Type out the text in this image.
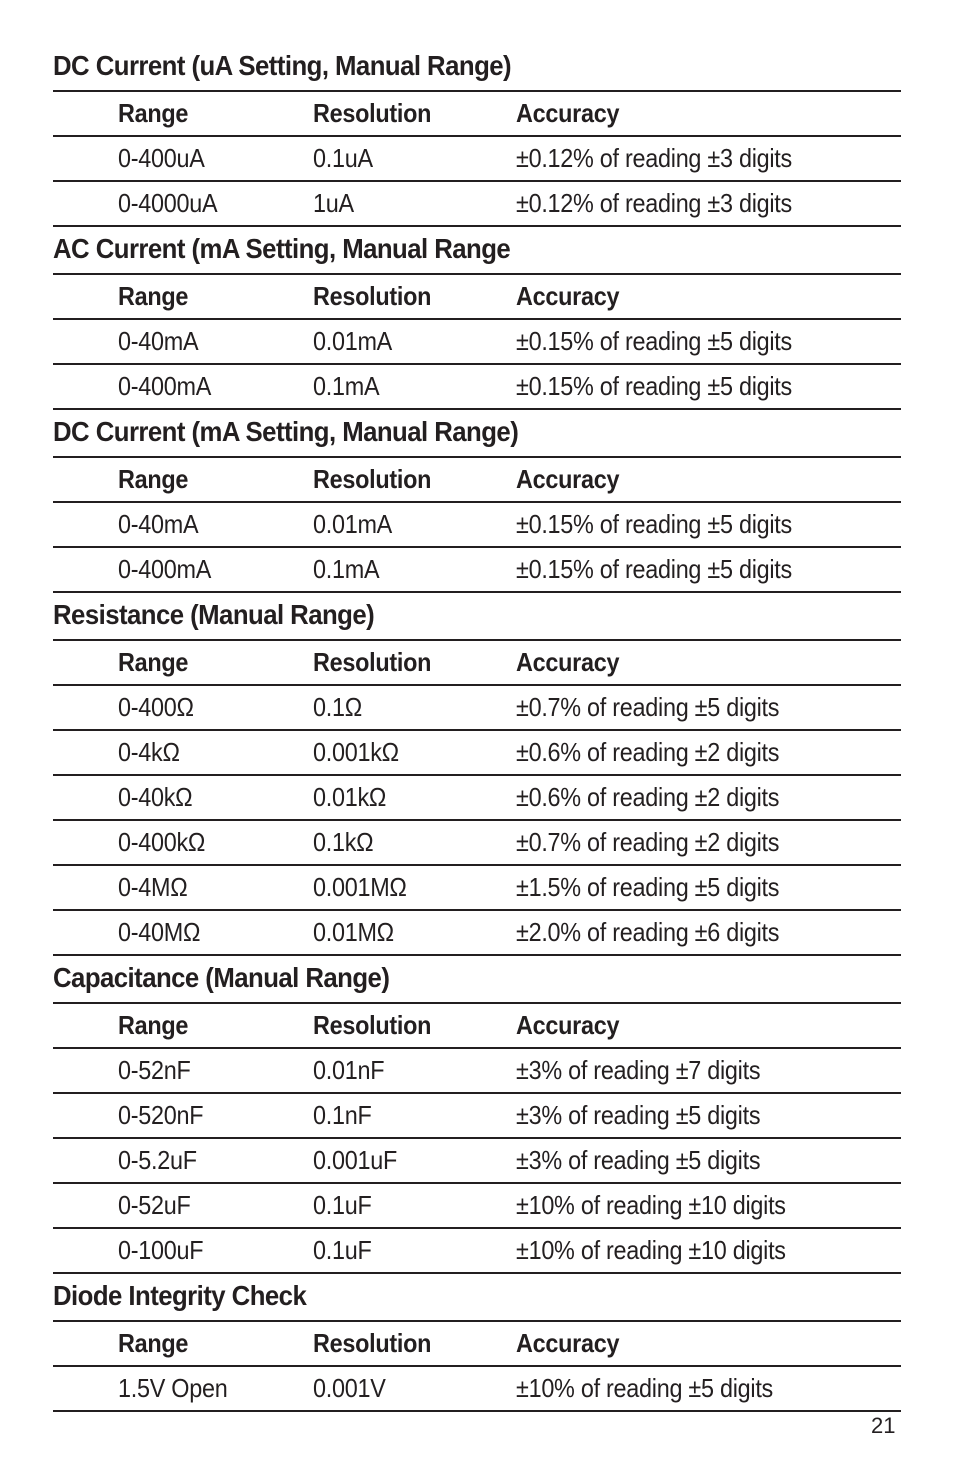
DC Current (uA Setting, Manual Range)
	Range	Resolution	Accuracy
	0-400uA	0.1uA	±0.12% of reading ±3 digits
	0-4000uA	1uA	±0.12% of reading ±3 digits
AC Current (mA Setting, Manual Range
	Range	Resolution	Accuracy
	0-40mA	0.01mA	±0.15% of reading ±5 digits
	0-400mA	0.1mA	±0.15% of reading ±5 digits
DC Current (mA Setting, Manual Range)
	Range	Resolution	Accuracy
	0-40mA	0.01mA	±0.15% of reading ±5 digits
	0-400mA	0.1mA	±0.15% of reading ±5 digits
Resistance (Manual Range)
	Range	Resolution	Accuracy
	0-400Ω	0.1Ω	±0.7% of reading ±5 digits
	0-4kΩ	0.001kΩ	±0.6% of reading ±2 digits
	0-40kΩ	0.01kΩ	±0.6% of reading ±2 digits
	0-400kΩ	0.1kΩ	±0.7% of reading ±2 digits
	0-4MΩ	0.001MΩ	±1.5% of reading ±5 digits
	0-40MΩ	0.01MΩ	±2.0% of reading ±6 digits
Capacitance (Manual Range)
	Range	Resolution	Accuracy
	0-52nF	0.01nF	±3% of reading ±7 digits
	0-520nF	0.1nF	±3% of reading ±5 digits
	0-5.2uF	0.001uF	±3% of reading ±5 digits
	0-52uF	0.1uF	±10% of reading ±10 digits
	0-100uF	0.1uF	±10% of reading ±10 digits
Diode Integrity Check
	Range	Resolution	Accuracy
	1.5V Open	0.001V	±10% of reading ±5 digits
21
